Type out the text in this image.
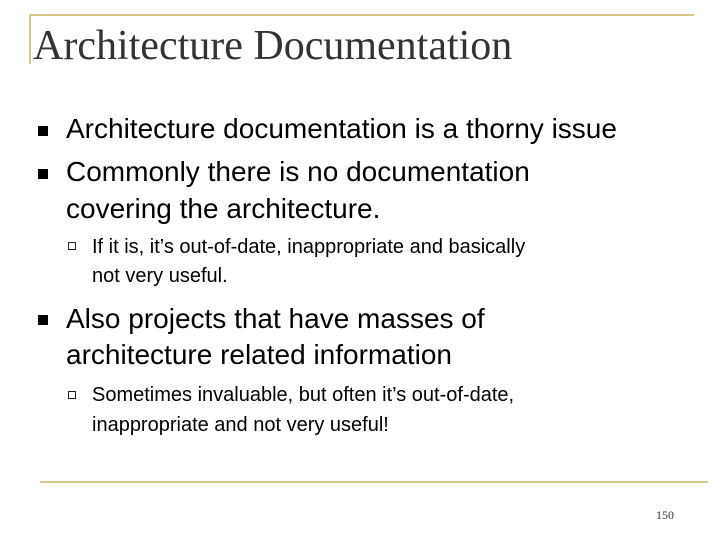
Architecture Documentation
Architecture documentation is a thorny issue
Commonly there is no documentation
covering the architecture.
If it is, it’s out-of-date, inappropriate and basically
not very useful.
Also projects that have masses of
architecture related information
Sometimes invaluable, but often it’s out-of-date,
inappropriate and not very useful!
150
